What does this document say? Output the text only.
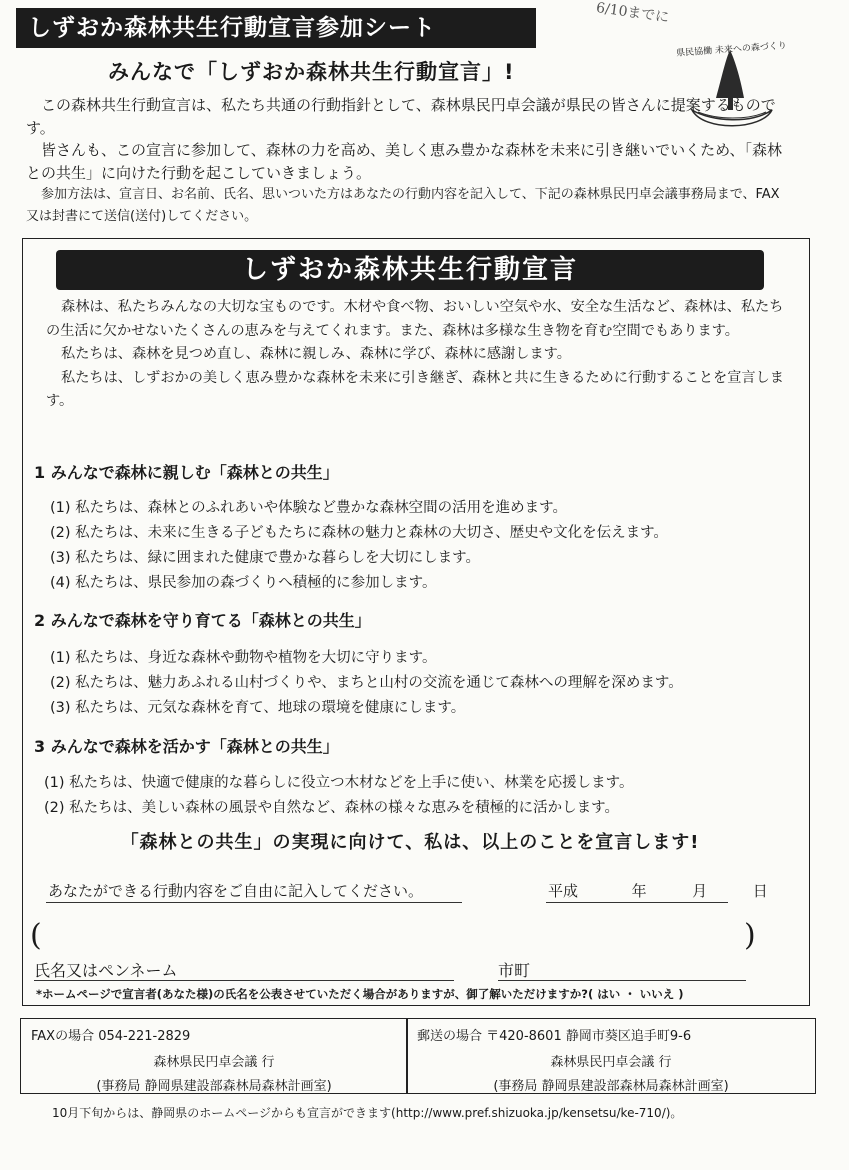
しずおか森林共生行動宣言参加シート
6/10までに
みんなで「しずおか森林共生行動宣言」!
県民協働 未来への森づくり

この森林共生行動宣言は、私たち共通の行動指針として、森林県民円卓会議が県民の皆さんに提案するものです。

皆さんも、この宣言に参加して、森林の力を高め、美しく恵み豊かな森林を未来に引き継いでいくため、「森林との共生」に向けた行動を起こしていきましょう。

参加方法は、宣言日、お名前、氏名、思いついた方はあなたの行動内容を記入して、下記の森林県民円卓会議事務局まで、FAX又は封書にて送信(送付)してください。

しずおか森林共生行動宣言

森林は、私たちみんなの大切な宝ものです。木材や食べ物、おいしい空気や水、安全な生活など、森林は、私たちの生活に欠かせないたくさんの恵みを与えてくれます。また、森林は多様な生き物を育む空間でもあります。

私たちは、森林を見つめ直し、森林に親しみ、森林に学び、森林に感謝します。

私たちは、しずおかの美しく恵み豊かな森林を未来に引き継ぎ、森林と共に生きるために行動することを宣言します。

1 みんなで森林に親しむ「森林との共生」
(1) 私たちは、森林とのふれあいや体験など豊かな森林空間の活用を進めます。
(2) 私たちは、未来に生きる子どもたちに森林の魅力と森林の大切さ、歴史や文化を伝えます。
(3) 私たちは、緑に囲まれた健康で豊かな暮らしを大切にします。
(4) 私たちは、県民参加の森づくりへ積極的に参加します。
2 みんなで森林を守り育てる「森林との共生」
(1) 私たちは、身近な森林や動物や植物を大切に守ります。
(2) 私たちは、魅力あふれる山村づくりや、まちと山村の交流を通じて森林への理解を深めます。
(3) 私たちは、元気な森林を育て、地球の環境を健康にします。
3 みんなで森林を活かす「森林との共生」
(1) 私たちは、快適で健康的な暮らしに役立つ木材などを上手に使い、林業を応援します。
(2) 私たちは、美しい森林の風景や自然など、森林の様々な恵みを積極的に活かします。
「森林との共生」の実現に向けて、私は、以上のことを宣言します!
あなたができる行動内容をご自由に記入してください。	平成	年	月	日
(	)
氏名又はペンネーム	市町
*ホームページで宣言者(あなた様)の氏名を公表させていただく場合がありますが、御了解いただけますか?( はい ・ いいえ )
FAXの場合 054-221-2829
森林県民円卓会議 行
(事務局 静岡県建設部森林局森林計画室)
郵送の場合 〒420-8601 静岡市葵区追手町9-6
森林県民円卓会議 行
(事務局 静岡県建設部森林局森林計画室)
10月下旬からは、静岡県のホームページからも宣言ができます(http://www.pref.shizuoka.jp/kensetsu/ke-710/)。
